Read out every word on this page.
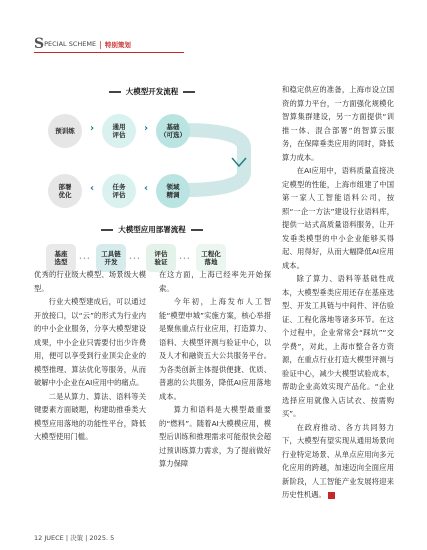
S PECIAL SCHEME | 特别策划
大模型开发流程
预训练	›	通用
评估
›	基础
（可选）
部署
优化
‹	任务
评估
‹	领域
精调
大模型应用部署流程
基座
选型 •••
工具链
开发	•••
评估
验证 •••
工程化
落地

优秀的行业级大模型、场景级大模型。

行业大模型建成后，可以通过开放接口，以“云”的形式为行业内的中小企业服务，分享大模型建设成果，中小企业只需要付出少许费用，便可以享受到行业顶尖企业的模型推理、算法优化等服务，从而破解中小企业在AI应用中的痛点。

二是从算力、算法、语料等关键要素方面破题，构建助推垂类大模型应用落地的功能性平台，降低大模型使用门槛。

在这方面，上海已经率先开始探索。

今年初，上海发布人工智能“模塑申城”实施方案，核心举措是聚焦重点行业应用，打造算力、语料、大模型评测与验证中心，以及人才和融资五大公共服务平台。为各类创新主体提供便捷、优质、普惠的公共服务，降低AI应用落地成本。

算力和语料是大模型最重要的“燃料”。随着AI大模模应用，模型后训练和推理需求可能很快会超过预训练算力需求，为了提前做好算力保障

和稳定供应的准备，上海市设立国资的算力平台，一方面强化规模化智算集群建设，另一方面提供“训推一体、混合部署”的智算云服务，在保障垂类应用的同时，降低算力成本。

在AI应用中，语料质量直接决定模型的性能，上海市组建了中国第一家人工智能语料公司，按照“一企一方法”建设行业语料库，提供一站式高质量语料服务，让开发垂类模型的中小企业能够买得起、用得好，从而大幅降低AI应用成本。

除了算力、语料等基础性成本，大模型垂类应用还存在基座选型、开发工具链与中间件、评估验证、工程化落地等诸多环节。在这个过程中，企业常常会“踩坑”“交学费”，对此，上海市整合各方资源，在重点行业打造大模型评测与验证中心，减少大模型试验成本，帮助企业高效实现产品化。“企业选择应用就像入店试衣、按需购买”。

在政府推动、各方共同努力下，大模型有望实现从通用场景向行业特定场景、从单点应用向多元化应用的跨越，加速迈向全面应用新阶段，人工智能产业发展将迎来历史性机遇。

12 JUECE | 决策 | 2025. 5
